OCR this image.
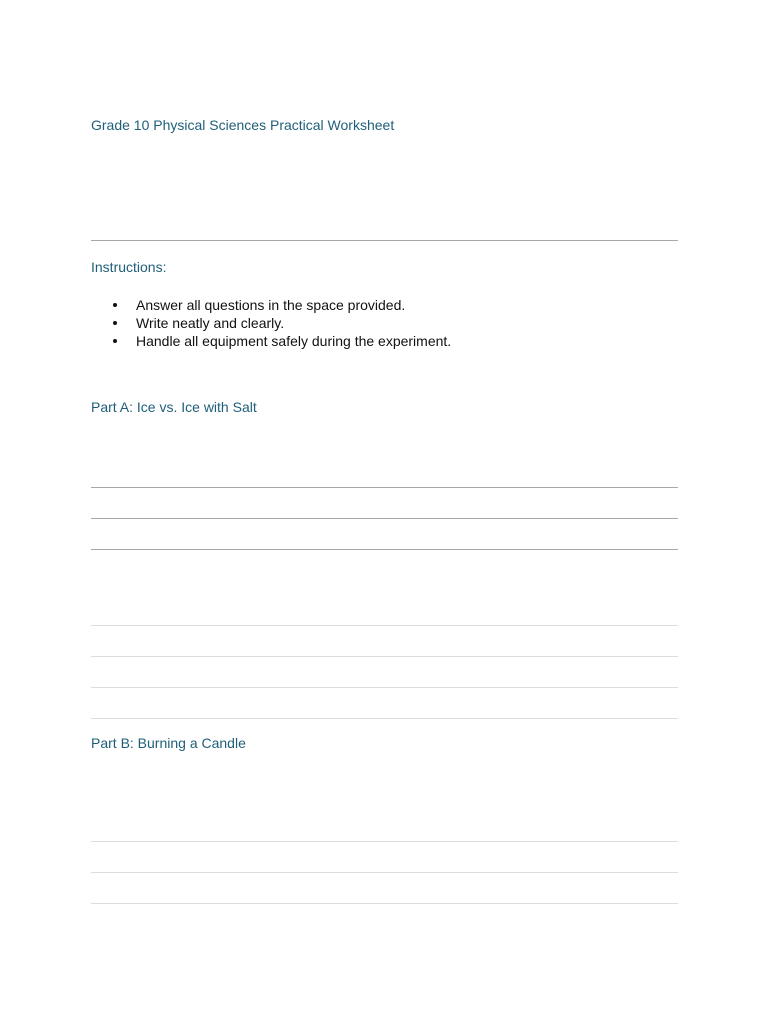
Grade 10 Physical Sciences Practical Worksheet
Instructions:
Answer all questions in the space provided.
Write neatly and clearly.
Handle all equipment safely during the experiment.
Part A: Ice vs. Ice with Salt
Part B: Burning a Candle
